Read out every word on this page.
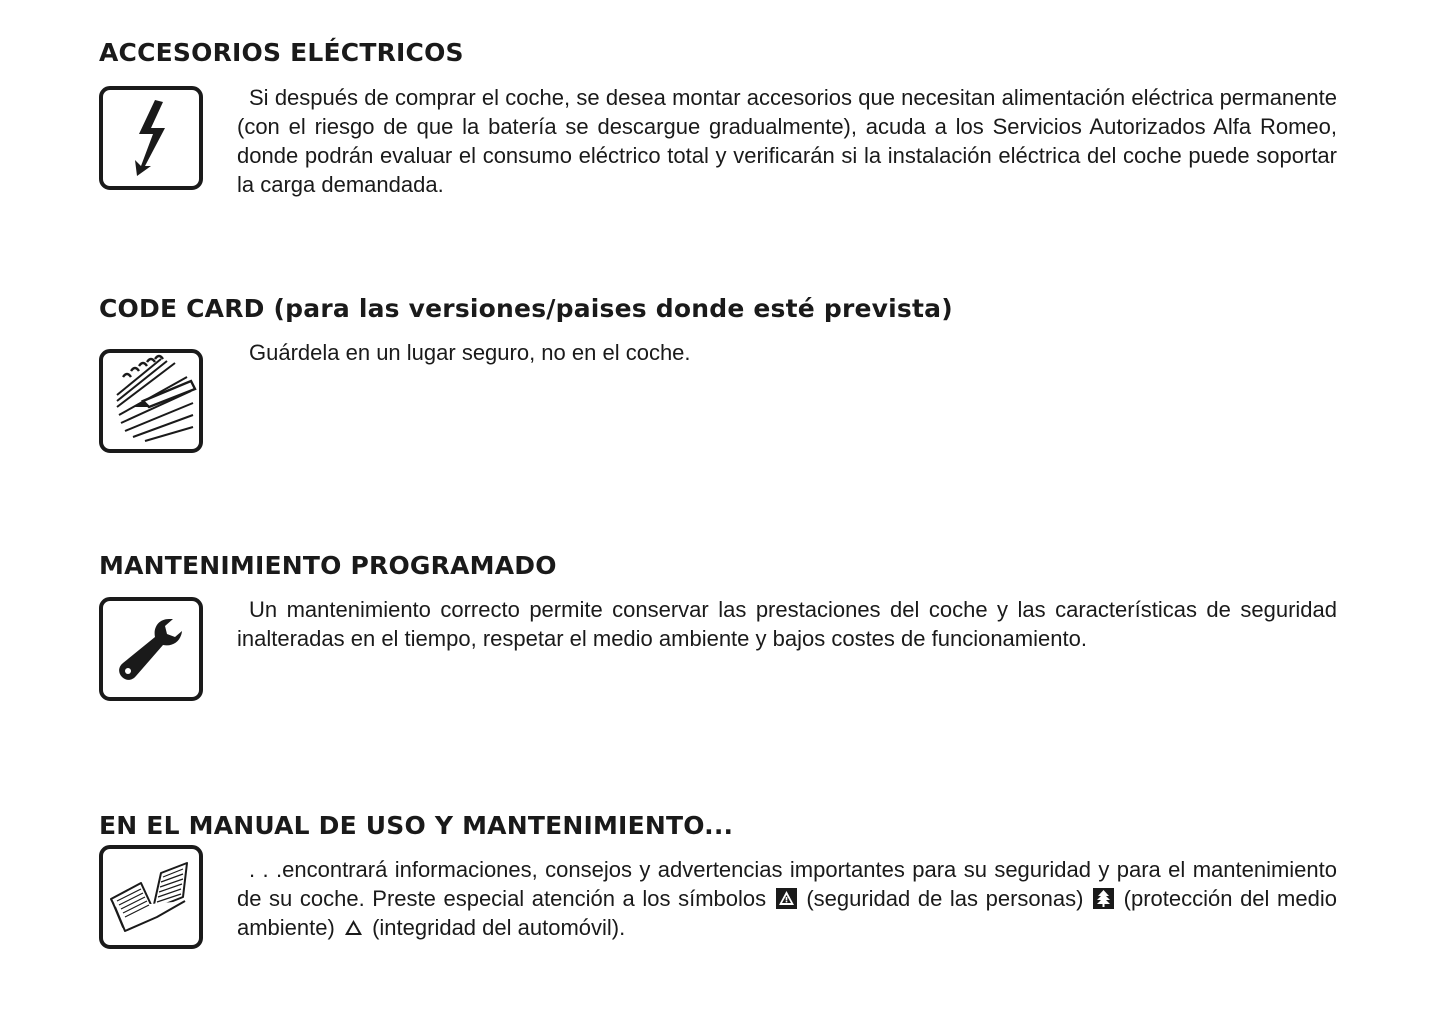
ACCESORIOS ELÉCTRICOS

Si después de comprar el coche, se desea montar accesorios que necesitan alimentación eléctrica permanente (con el riesgo de que la batería se descargue gradualmente), acuda a los Servicios Autorizados Alfa Romeo, donde podrán evaluar el consumo eléctrico total y verificarán si la instalación eléctrica del coche puede soportar la carga demandada.

CODE CARD (para las versiones/paises donde esté prevista)

Guárdela en un lugar seguro, no en el coche.

MANTENIMIENTO PROGRAMADO

Un mantenimiento correcto permite conservar las prestaciones del coche y las características de seguridad inalteradas en el tiempo, respetar el medio ambiente y bajos costes de funcionamiento.

EN EL MANUAL DE USO Y MANTENIMIENTO...

. . .encontrará informaciones, consejos y advertencias importantes para su seguridad y para el mantenimiento de su coche. Preste especial atención a los símbolos (seguridad de las personas) (protección del medio ambiente) (integridad del automóvil).
